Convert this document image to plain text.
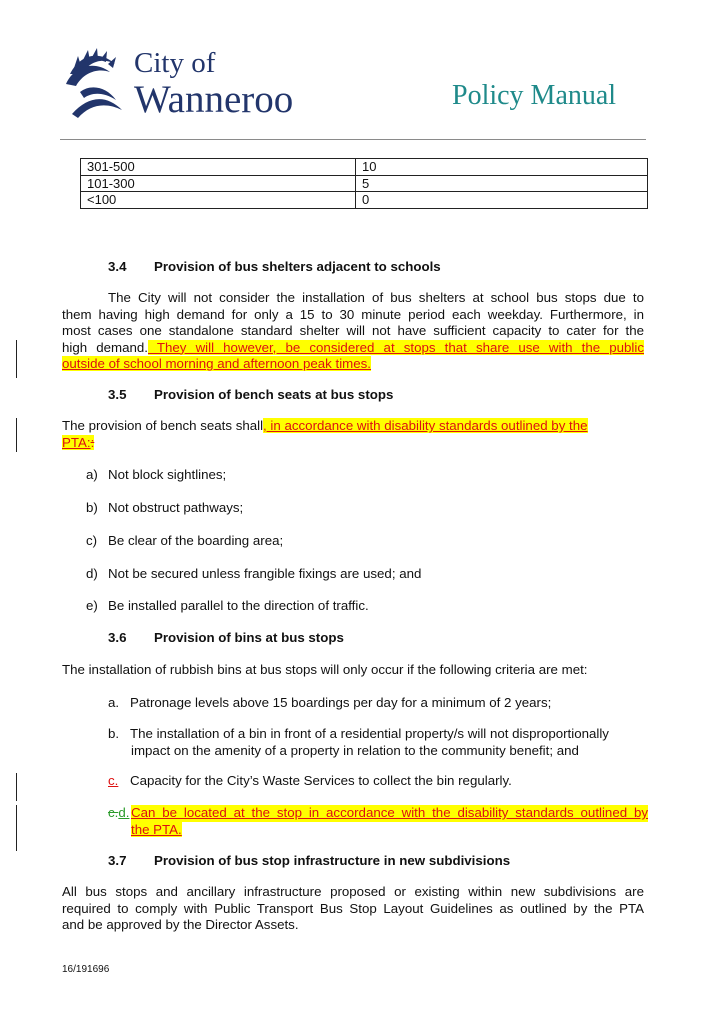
City of
Wanneroo	Policy Manual
301-500	10
101-300	5
<100	0
3.4 Provision of bus shelters adjacent to schools
The City will not consider the installation of bus shelters at school bus stops due to
them having high demand for only a 15 to 30 minute period each weekday. Furthermore, in
most cases one standalone standard shelter will not have sufficient capacity to cater for the
high demand. They will however, be considered at stops that share use with the public
outside of school morning and afternoon peak times.
3.5 Provision of bench seats at bus stops
The provision of bench seats shall, in accordance with disability standards outlined by the
PTA::
a) Not block sightlines;
b) Not obstruct pathways;
c) Be clear of the boarding area;
d) Not be secured unless frangible fixings are used; and
e) Be installed parallel to the direction of traffic.
3.6 Provision of bins at bus stops
The installation of rubbish bins at bus stops will only occur if the following criteria are met:
a. Patronage levels above 15 boardings per day for a minimum of 2 years;
b. The installation of a bin in front of a residential property/s will not disproportionally
impact on the amenity of a property in relation to the community benefit; and
c. Capacity for the City’s Waste Services to collect the bin regularly.
c.d. Can be located at the stop in accordance with the disability standards outlined by
the PTA.
3.7 Provision of bus stop infrastructure in new subdivisions
All bus stops and ancillary infrastructure proposed or existing within new subdivisions are
required to comply with Public Transport Bus Stop Layout Guidelines as outlined by the PTA
and be approved by the Director Assets.
16/191696
